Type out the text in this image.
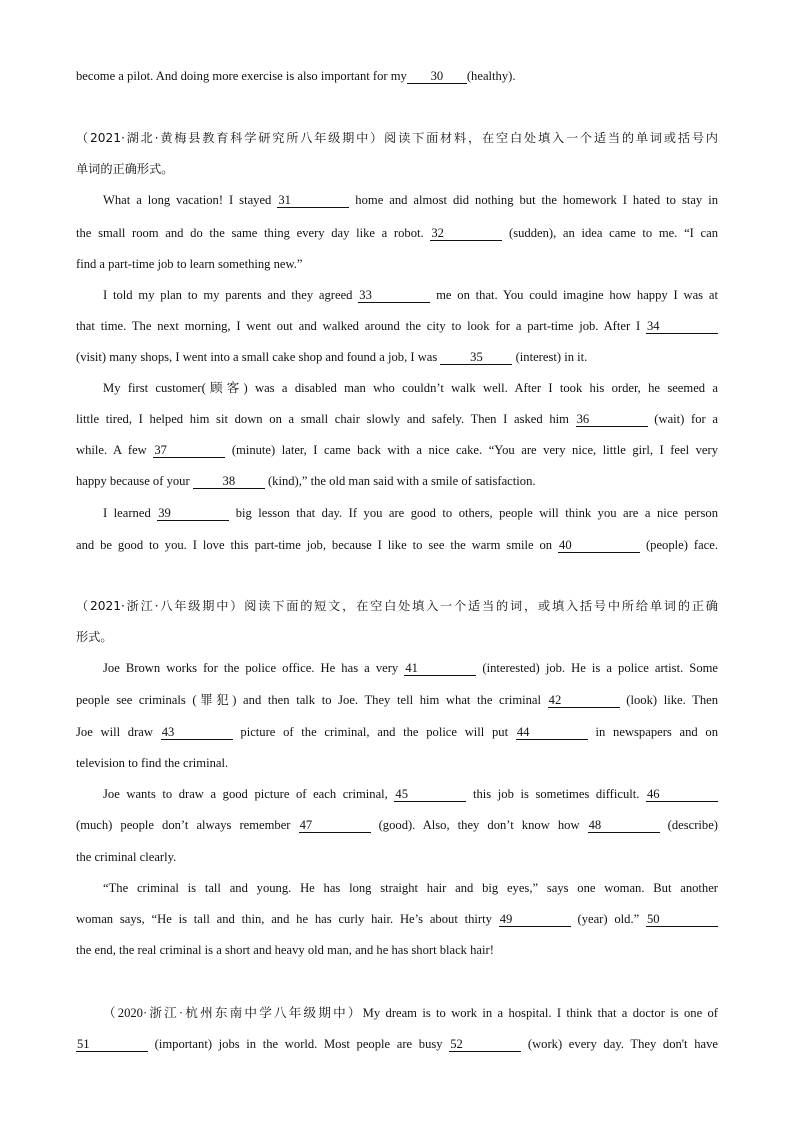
become a pilot. And doing more exercise is also important for my 30 (healthy).
（2021·湖北·黄梅县教育科学研究所八年级期中）阅读下面材料，在空白处填入一个适当的单词或括号内
单词的正确形式。
What a long vacation! I stayed 31	home and almost did nothing but the homework I hated to stay in
the small room and do the same thing every day like a robot. 32	(sudden), an idea came to me. “I can
find a part-time job to learn something new.”
I told my plan to my parents and they agreed 33	me on that. You could imagine how happy I was at
that time. The next morning, I went out and walked around the city to look for a part-time job. After I 34
(visit) many shops, I went into a small cake shop and found a job, I was 35 (interest) in it.
My first customer(顾客) was a disabled man who couldn’t walk well. After I took his order, he seemed a
little tired, I helped him sit down on a small chair slowly and safely. Then I asked him 36	(wait) for a
while. A few 37	(minute) later, I came back with a nice cake. “You are very nice, little girl, I feel very
happy because of your 38 (kind),” the old man said with a smile of satisfaction.
I learned 39	big lesson that day. If you are good to others, people will think you are a nice person
and be good to you. I love this part-time job, because I like to see the warm smile on 40	(people) face.
（2021·浙江·八年级期中）阅读下面的短文，在空白处填入一个适当的词，或填入括号中所给单词的正确
形式。
Joe Brown works for the police office. He has a very 41	(interested) job. He is a police artist. Some
people see criminals (罪犯) and then talk to Joe. They tell him what the criminal 42	(look) like. Then
Joe will draw 43	picture of the criminal, and the police will put 44	in newspapers and on
television to find the criminal.
Joe wants to draw a good picture of each criminal, 45	this job is sometimes difficult. 46
(much) people don’t always remember 47	(good). Also, they don’t know how 48	(describe)
the criminal clearly.
“The criminal is tall and young. He has long straight hair and big eyes,” says one woman. But another
woman says, “He is tall and thin, and he has curly hair. He’s about thirty 49	(year) old.” 50
the end, the real criminal is a short and heavy old man, and he has short black hair!
（2020·浙江·杭州东南中学八年级期中）My dream is to work in a hospital. I think that a doctor is one of
51	(important) jobs in the world. Most people are busy 52	(work) every day. They don't have
